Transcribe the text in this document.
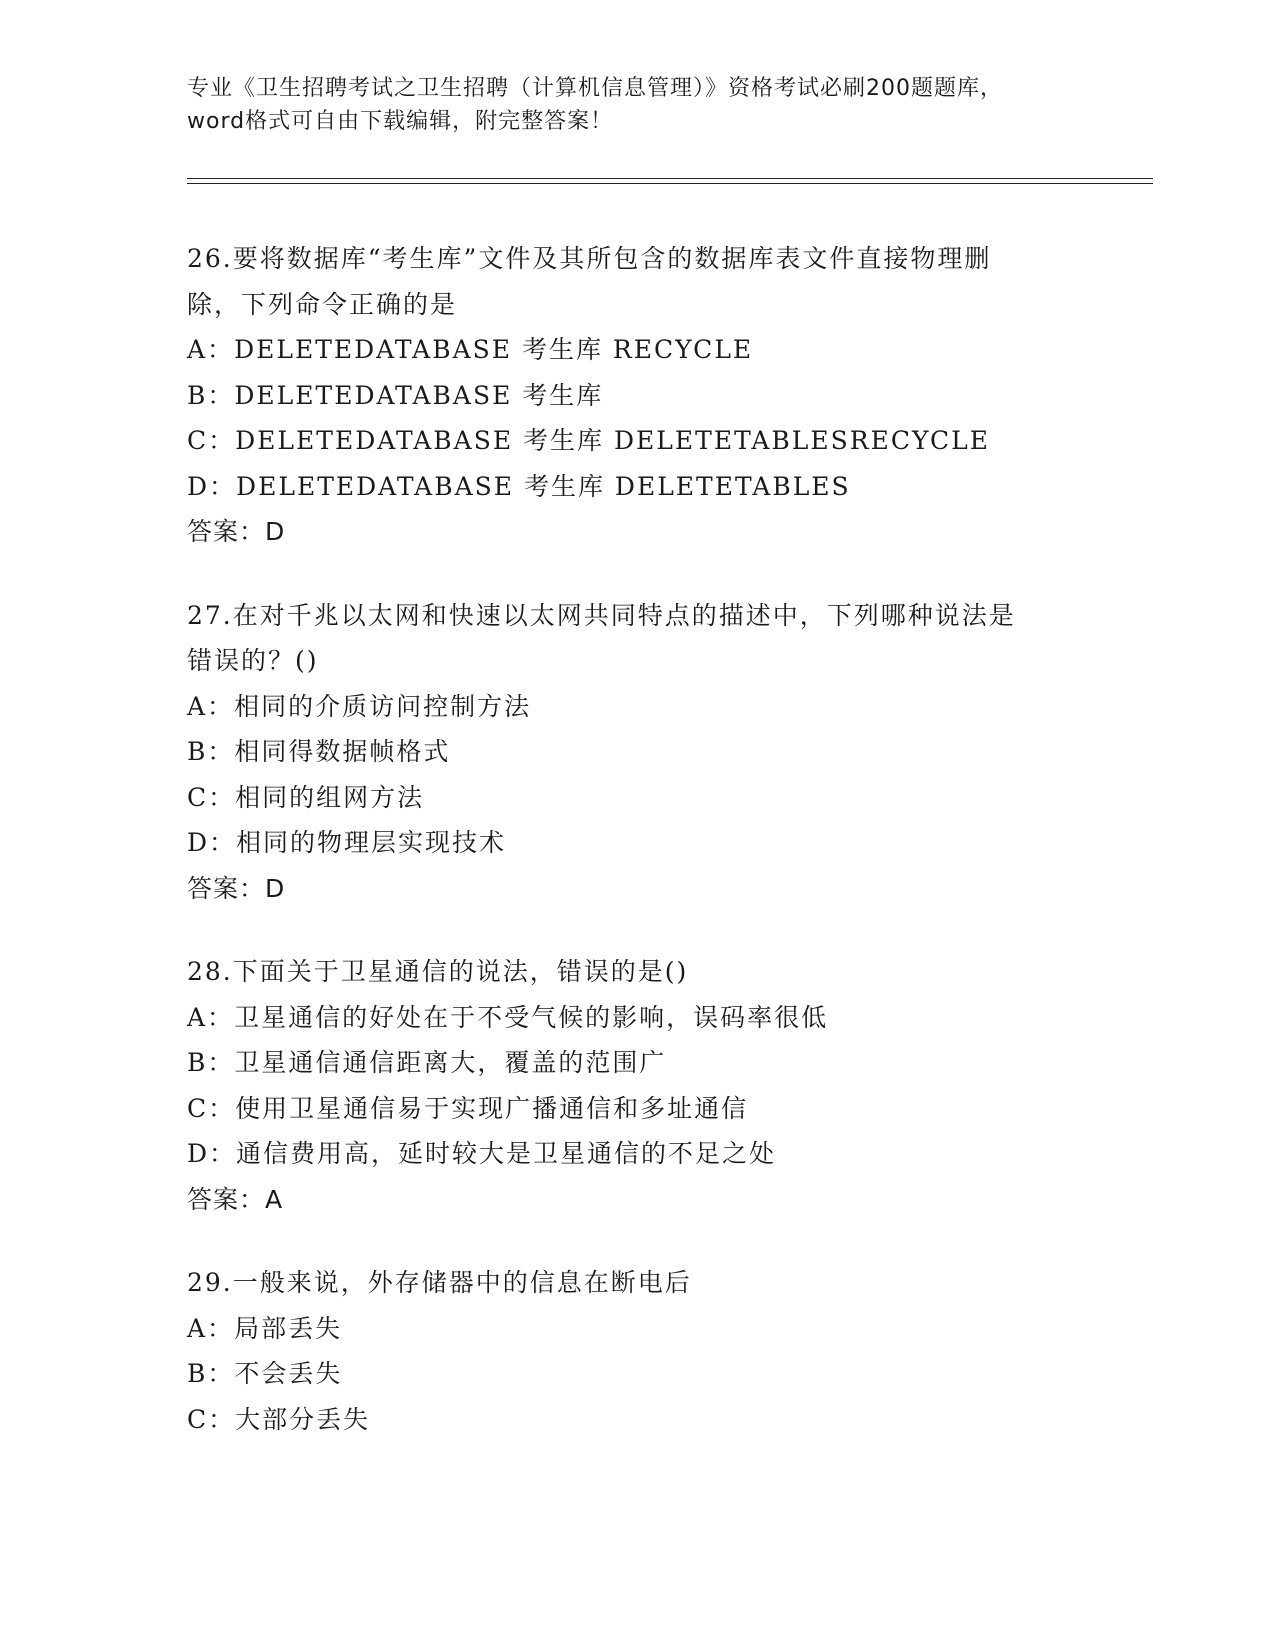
专业《卫生招聘考试之卫生招聘（计算机信息管理）》资格考试必刷200题题库，
word格式可自由下载编辑，附完整答案！
26.要将数据库“考生库”文件及其所包含的数据库表文件直接物理删
除，下列命令正确的是
A：DELETEDATABASE 考生库 RECYCLE
B：DELETEDATABASE 考生库
C：DELETEDATABASE 考生库 DELETETABLESRECYCLE
D：DELETEDATABASE 考生库 DELETETABLES
答案：D
27.在对千兆以太网和快速以太网共同特点的描述中，下列哪种说法是
错误的？()
A：相同的介质访问控制方法
B：相同得数据帧格式
C：相同的组网方法
D：相同的物理层实现技术
答案：D
28.下面关于卫星通信的说法，错误的是()
A：卫星通信的好处在于不受气候的影响，误码率很低
B：卫星通信通信距离大，覆盖的范围广
C：使用卫星通信易于实现广播通信和多址通信
D：通信费用高，延时较大是卫星通信的不足之处
答案：A
29.一般来说，外存储器中的信息在断电后
A：局部丢失
B：不会丢失
C：大部分丢失
